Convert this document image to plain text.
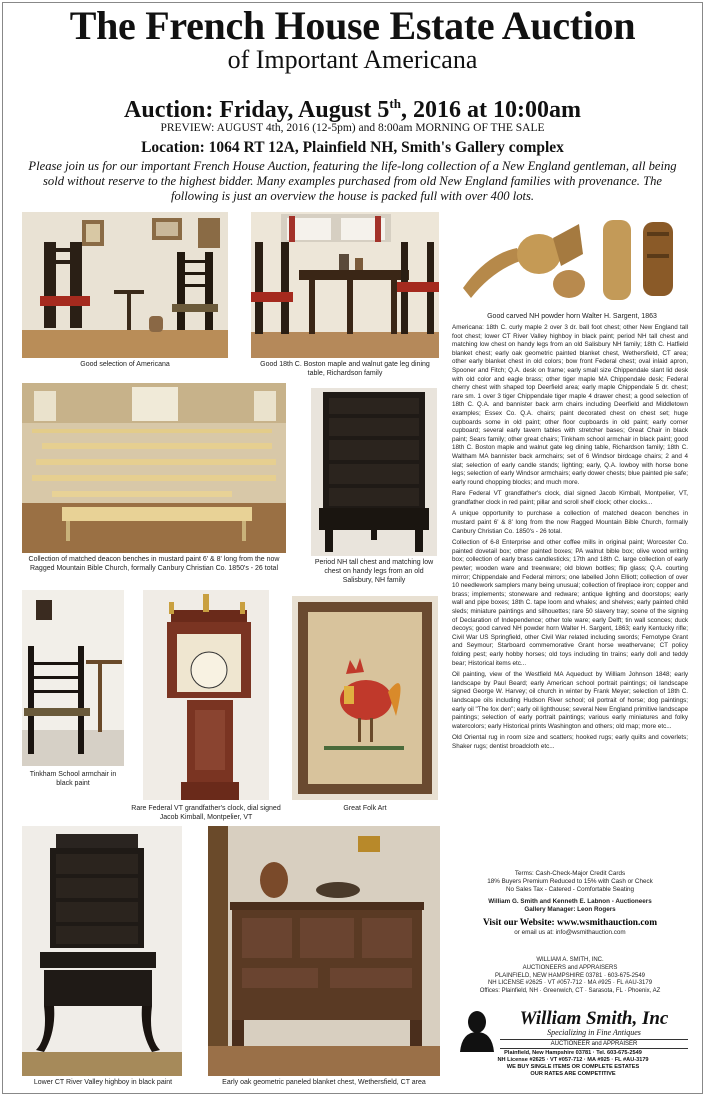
The French House Estate Auction
of Important Americana
Auction: Friday, August 5th, 2016 at 10:00am
PREVIEW: AUGUST 4th, 2016 (12-5pm) and 8:00am MORNING OF THE SALE
Location: 1064 RT 12A, Plainfield NH, Smith's Gallery complex
Please join us for our important French House Auction, featuring the life-long collection of a New England gentleman, all being sold without reserve to the highest bidder. Many examples purchased from old New England families with provenance. The following is just an overview the house is packed full with over 400 lots.
Good selection of Americana	Good 18th C. Boston maple and walnut gate leg dining table, Richardson family
Good carved NH powder horn Walter H. Sargent, 1863
Collection of matched deacon benches in mustard paint 6' & 8' long from the now Ragged Mountain Bible Church, formally Canbury Christian Co. 1850's - 26 total
Period NH tall chest and matching low chest on handy legs from an old Salisbury, NH family
Tinkham School armchair in black paint
Rare Federal VT grandfather's clock, dial signed Jacob Kimball, Montpelier, VT
Great Folk Art
Lower CT River Valley highboy in black paint	Early oak geometric paneled blanket chest, Wethersfield, CT area

Americana: 18th C. curly maple 2 over 3 dr. ball foot chest; other New England tall foot chest; lower CT River Valley highboy in black paint; period NH tall chest and matching low chest on handy legs from an old Salisbury NH family; 18th C. Hatfield blanket chest; early oak geometric painted blanket chest, Wethersfield, CT area; other early blanket chest in old colors; bow front Federal chest; oval inlaid apron, Spooner and Fitch; Q.A. desk on frame; early small size Chippendale slant lid desk with old color and eagle brass; other tiger maple MA Chippendale desk; Federal cherry chest with shaped top Deerfield area; early maple Chippendale 5 dr. chest; rare sm. 1 over 3 tiger Chippendale tiger maple 4 drawer chest; a good selection of 18th C. Q.A. and bannister back arm chairs including Deerfield and Middletown examples; Essex Co. Q.A. chairs; paint decorated chest on chest set; huge cupboards some in old paint; other floor cupboards in old paint; early corner cupboard; several early tavern tables with stretcher bases; Great Chair in black paint; Sears family; other great chairs; Tinkham school armchair in black paint; good 18th C. Boston maple and walnut gate leg dining table, Richardson family; 18th C. Waltham MA bannister back armchairs; set of 6 Windsor birdcage chairs; 2 and 4 slat; selection of early candle stands; lighting; early, Q.A. lowboy with horse bone legs; selection of early Windsor armchairs; early dower chests; blue painted pie safe; early round chopping blocks; and much more.

Rare Federal VT grandfather's clock, dial signed Jacob Kimball, Montpelier, VT, grandfather clock in red paint; pillar and scroll shelf clock; other clocks...

A unique opportunity to purchase a collection of matched deacon benches in mustard paint 6' & 8' long from the now Ragged Mountain Bible Church, formally Canbury Christian Co. 1850's - 26 total.

Collection of 6-8 Enterprise and other coffee mills in original paint; Worcester Co. painted dovetail box; other painted boxes; PA walnut bible box; olive wood writing box; collection of early brass candlesticks; 17th and 18th C. large collection of early pewter; wooden ware and treenware; old blown bottles; flip glass; Q.A. courting mirror; Chippendale and Federal mirrors; one labelled John Elliott; collection of over 10 needlework samplers many being unusual; collection of fireplace iron; copper and brass; implements; stoneware and redware; antique lighting and doorstops; early wall and pipe boxes; 18th C. tape loom and whales; and shelves; early painted child sleds; miniature paintings and silhouettes; rare 50 slavery tray; scene of the signing of Declaration of Independence; other tole ware; early Delft; tin wall sconces; duck decoys; good carved NH powder horn Walter H. Sargent, 1863; early Kentucky rifle; Civil War US Springfield, other Civil War related including swords; Fernotype Grant and Seymour; Starboard commemorative Grant horse weathervane; CT policy folding pest; early hobby horses; old toys including tin trains; early doll and teddy bear; Historical items etc...

Oil painting, view of the Westfield MA Aqueduct by William Johnson 1848; early landscape by Paul Beard; early American school portrait paintings; oil landscape signed George W. Harvey; oil church in winter by Frank Meyer; selection of 18th C. landscape oils including Hudson River school; oil portrait of horse; dog paintings; early oil "The fox den"; early oil lighthouse; several New England primitive landscape paintings; selection of early portrait paintings; various early miniatures and folky watercolors; early Historical prints Washington and others; old map; more etc...

Old Oriental rug in room size and scatters; hooked rugs; early quilts and coverlets; Shaker rugs; dentist broadcloth etc...

Terms: Cash-Check-Major Credit Cards
18% Buyers Premium Reduced to 15% with Cash or Check
No Sales Tax - Catered - Comfortable Seating
William G. Smith and Kenneth E. Labnon - Auctioneers
Gallery Manager: Leon Rogers
Visit our Website: www.wsmithauction.com
or email us at: info@wsmithauction.com
WILLIAM A. SMITH, INC.
AUCTIONEERS and APPRAISERS
PLAINFIELD, NEW HAMPSHIRE 03781 · 603-675-2549
NH LICENSE #2625 · VT #057-712 · MA #925 · FL #AU-3179
Offices: Plainfield, NH · Greenwich, CT · Sarasota, FL · Phoenix, AZ
William Smith, Inc
Specializing in Fine Antiques
AUCTIONEER and APPRAISER
Plainfield, New Hampshire 03781 · Tel. 603-675-2549
NH License #2625 · VT #057-712 · MA #925 · FL #AU-3179
WE BUY SINGLE ITEMS OR COMPLETE ESTATES
OUR RATES ARE COMPETITIVE
